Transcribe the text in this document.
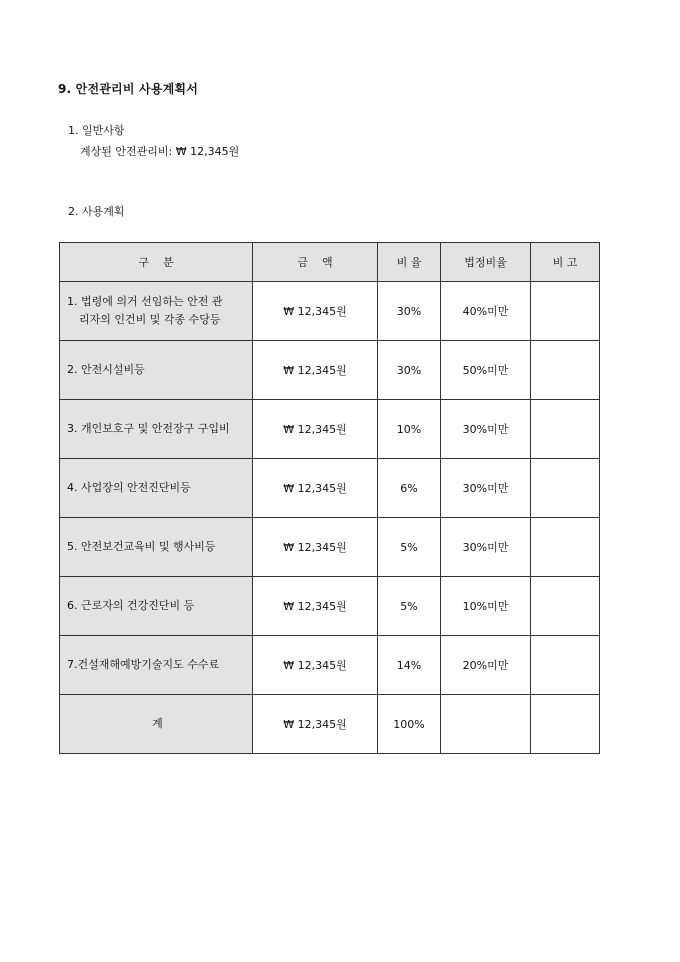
9. 안전관리비 사용계획서
1. 일반사항
계상된 안전관리비: ₩ 12,345원
2. 사용계획
구    분	금    액	비 율	법정비율	비 고
1. 법령에 의거 선임하는 안전 관
리자의 인건비 및 각종 수당등	₩ 12,345원	30%	40%미만	
2. 안전시설비등	₩ 12,345원	30%	50%미만	
3. 개인보호구 및 안전장구 구입비	₩ 12,345원	10%	30%미만	
4. 사업장의 안전진단비등	₩ 12,345원	6%	30%미만	
5. 안전보건교육비 및 행사비등	₩ 12,345원	5%	30%미만	
6. 근로자의 건강진단비 등	₩ 12,345원	5%	10%미만	
7.건설재해예방기술지도 수수료	₩ 12,345원	14%	20%미만	
계	₩ 12,345원	100%		
